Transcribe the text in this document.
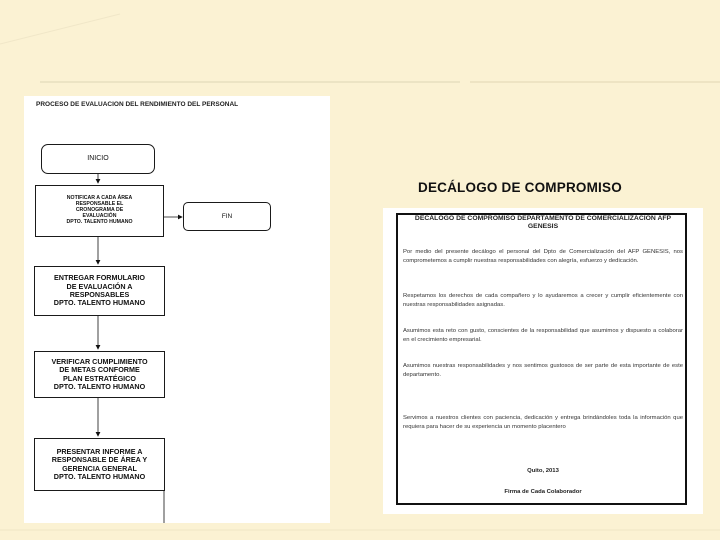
PROCESO DE EVALUACION DEL RENDIMIENTO DEL PERSONAL
INICIO
NOTIFICAR A CADA ÁREA
RESPONSABLE EL
CRONOGRAMA DE
EVALUACIÓN
DPTO. TALENTO HUMANO
FIN
ENTREGAR FORMULARIO
DE EVALUACIÓN A
RESPONSABLES
DPTO. TALENTO HUMANO
VERIFICAR CUMPLIMIENTO
DE METAS CONFORME
PLAN ESTRATÉGICO
DPTO. TALENTO HUMANO
PRESENTAR INFORME A
RESPONSABLE DE ÁREA Y
GERENCIA GENERAL
DPTO. TALENTO HUMANO
DECÁLOGO DE COMPROMISO
DECÁLOGO DE COMPROMISO DEPARTAMENTO DE COMERCIALIZACIÓN AFP GENESIS
Por medio del presente decálogo el personal del Dpto de Comercialización del AFP GENESIS, nos comprometemos a cumplir nuestras responsabilidades con alegría, esfuerzo y dedicación.
Respetamos los derechos de cada compañero y lo ayudaremos a crecer y cumplir eficientemente con nuestras responsabilidades asignadas.
Asumimos esta reto con gusto, conscientes de la responsabilidad que asumimos y dispuesto a colaborar en el crecimiento empresarial.
Asumimos nuestras responsabilidades y nos sentimos gustosos de ser parte de esta importante de este departamento.
Servimos a nuestros clientes con paciencia, dedicación y entrega brindándoles toda la información que requiera para hacer de su experiencia un momento placentero
Quito, 2013
Firma de Cada Colaborador
